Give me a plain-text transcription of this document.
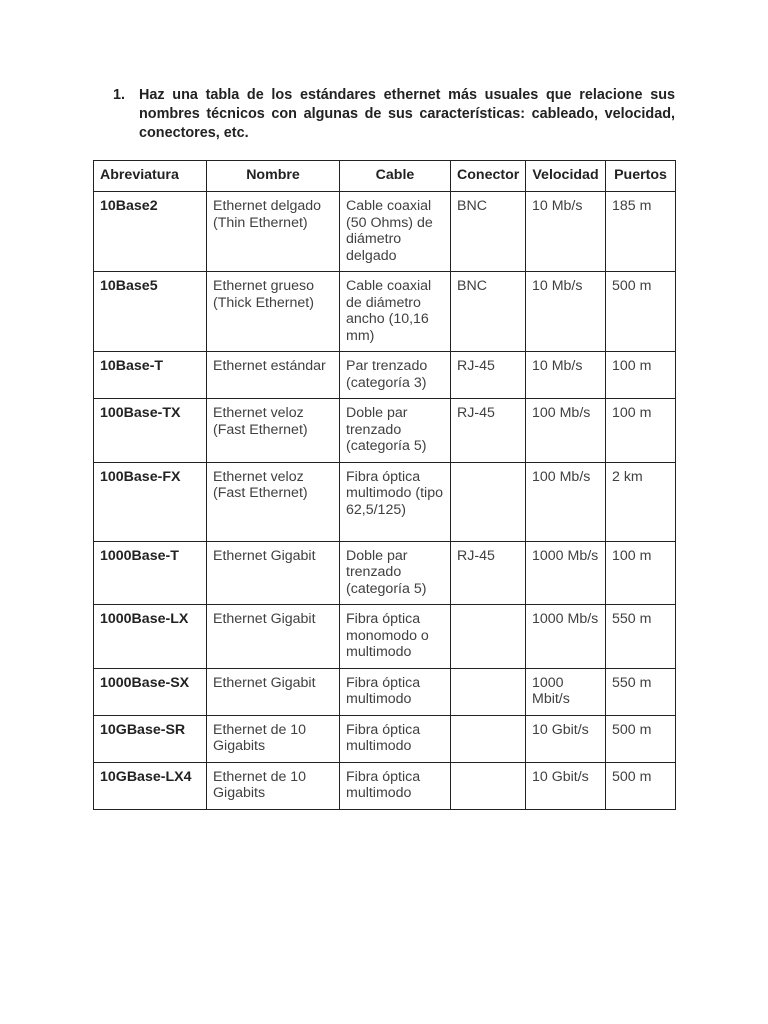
1. Haz una tabla de los estándares ethernet más usuales que relacione sus nombres técnicos con algunas de sus características: cableado, velocidad, conectores, etc.
Abreviatura	Nombre	Cable	Conector	Velocidad	Puertos
10Base2	Ethernet delgado (Thin Ethernet)	Cable coaxial (50 Ohms) de diámetro delgado	BNC	10 Mb/s	185 m
10Base5	Ethernet grueso (Thick Ethernet)	Cable coaxial de diámetro ancho (10,16 mm)	BNC	10 Mb/s	500 m
10Base-T	Ethernet estándar	Par trenzado (categoría 3)	RJ-45	10 Mb/s	100 m
100Base-TX	Ethernet veloz (Fast Ethernet)	Doble par trenzado (categoría 5)	RJ-45	100 Mb/s	100 m
100Base-FX	Ethernet veloz (Fast Ethernet)	Fibra óptica multimodo (tipo 62,5/125)		100 Mb/s	2 km
1000Base-T	Ethernet Gigabit	Doble par trenzado (categoría 5)	RJ-45	1000 Mb/s	100 m
1000Base-LX	Ethernet Gigabit	Fibra óptica monomodo o multimodo		1000 Mb/s	550 m
1000Base-SX	Ethernet Gigabit	Fibra óptica multimodo		1000 Mbit/s	550 m
10GBase-SR	Ethernet de 10 Gigabits	Fibra óptica multimodo		10 Gbit/s	500 m
10GBase-LX4	Ethernet de 10 Gigabits	Fibra óptica multimodo		10 Gbit/s	500 m
